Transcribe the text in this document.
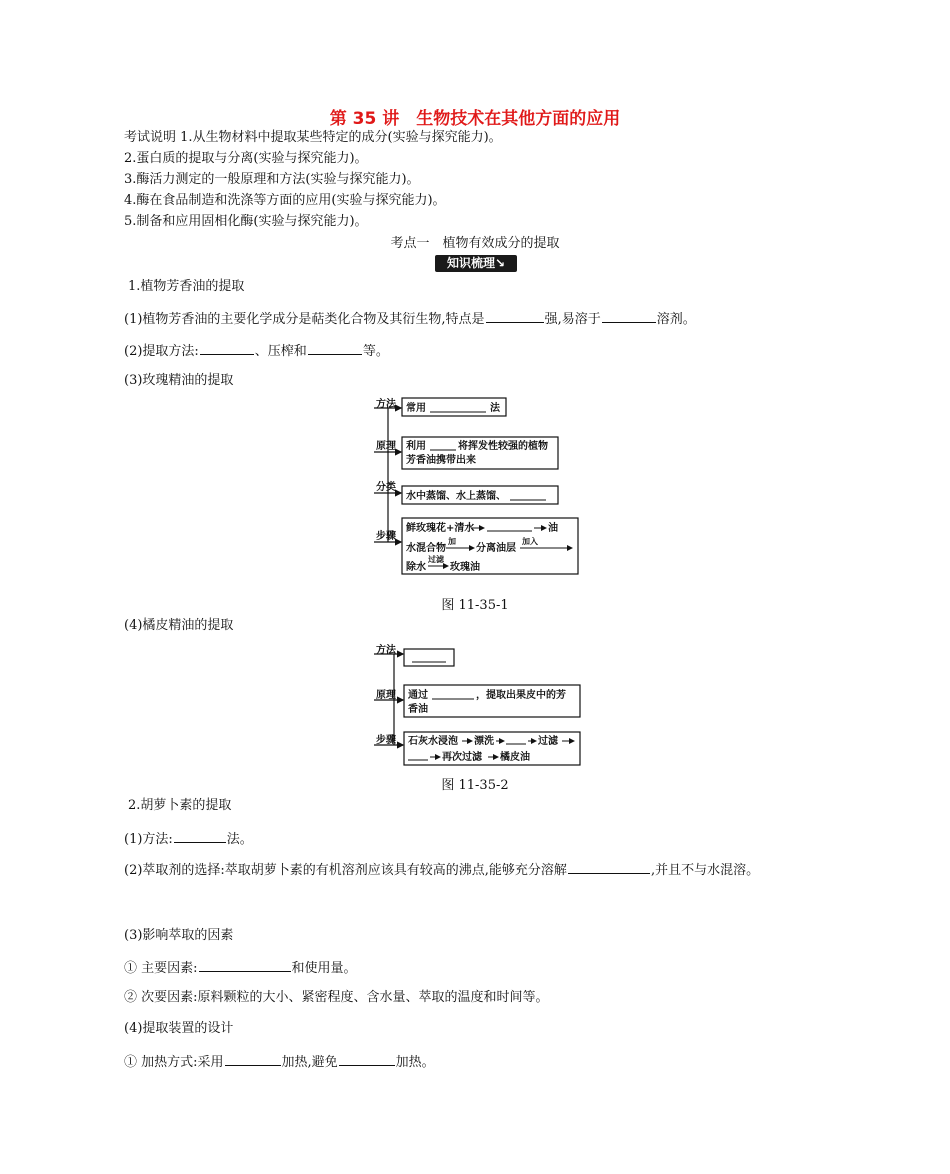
第 35 讲　生物技术在其他方面的应用
考试说明 1.从生物材料中提取某些特定的成分(实验与探究能力)。
2.蛋白质的提取与分离(实验与探究能力)。
3.酶活力测定的一般原理和方法(实验与探究能力)。
4.酶在食品制造和洗涤等方面的应用(实验与探究能力)。
5.制备和应用固相化酶(实验与探究能力)。
考点一　植物有效成分的提取
知识梳理↘
1.植物芳香油的提取
(1)植物芳香油的主要化学成分是萜类化合物及其衍生物,特点是	强,易溶于	溶剂。
(2)提取方法:	、压榨和	等。
(3)玫瑰精油的提取
方法
原理
分类
步骤
常用	法
利用	将挥发性较强的植物
芳香油携带出来
水中蒸馏、水上蒸馏、
鲜玫瑰花+清水	油
水混合物
加
分离油层
加入
除水
过滤
玫瑰油
图 11-35-1
(4)橘皮精油的提取
方法
原理
步骤
通过	，提取出果皮中的芳
香油
石灰水浸泡 漂洗	过滤
再次过滤 橘皮油
图 11-35-2
2.胡萝卜素的提取
(1)方法:	法。
(2)萃取剂的选择:萃取胡萝卜素的有机溶剂应该具有较高的沸点,能够充分溶解	,并且不与水混溶。
(3)影响萃取的因素
① 主要因素:	和使用量。
② 次要因素:原料颗粒的大小、紧密程度、含水量、萃取的温度和时间等。
(4)提取装置的设计
① 加热方式:采用	加热,避免	加热。
